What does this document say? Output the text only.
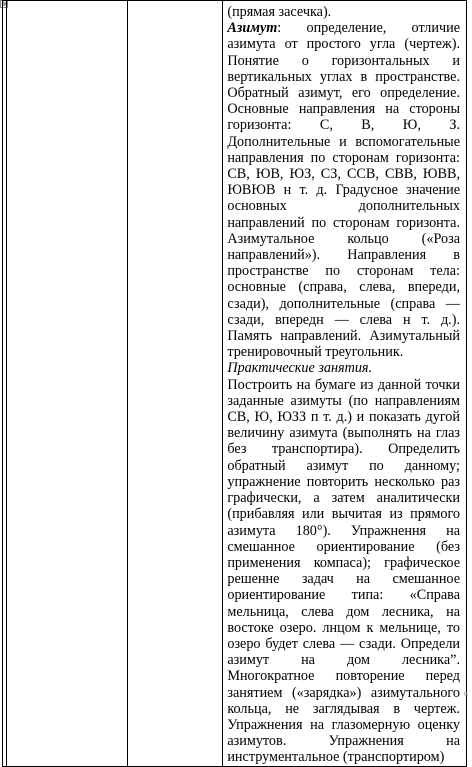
⊕
				(прямая засечка).

Азимут: определение, отличие азимута от простого угла (чертеж). Понятие о горизонтальных и вертикальных углах в пространстве. Обратный азимут, его определение. Основные направления на стороны горизонта: С, В, Ю, З. Дополнительные и вспомогательные направления по сторонам горизонта: СВ, ЮВ, ЮЗ, СЗ, ССВ, СВВ, ЮВВ, ЮВЮВ н т. д. Градусное значение основных дополнительных направлений по сторонам горизонта. Азимутальное кольцо («Роза направлений»). Направления в пространстве по сторонам тела: основные (справа, слева, впереди, сзади), дополнительные (справа — сзади, впередн — слева н т. д.). Память направлений. Азимутальный тренировочный треугольник.

Практические занятия.

Построить на бумаге из данной точки заданные азимуты (по направлениям СВ, Ю, ЮЗЗ п т. д.) и показать дугой величину азимута (выполнять на глаз без транспортира). Определить обратный азимут по данному; упражнение повторить несколько раз графически, а затем аналитически (прибавляя или вычитая из прямого азимута 180°). Упражнення на смешанное ориентирование (без применения компаса); графическое решенне задач на смешанное ориентирование типа: «Справа мельница, слева дом лесника, на востоке озеро. лнцом к мельнице, то озеро будет слева — сзади. Определи азимут на дом лесника”. Многократное повторение перед занятием («зарядка») азимутального кольца, не заглядывая в чертеж. Упражнения на глазомерную оценку азимутов. Упражнения на инструментальное (транспортиром)

¤
